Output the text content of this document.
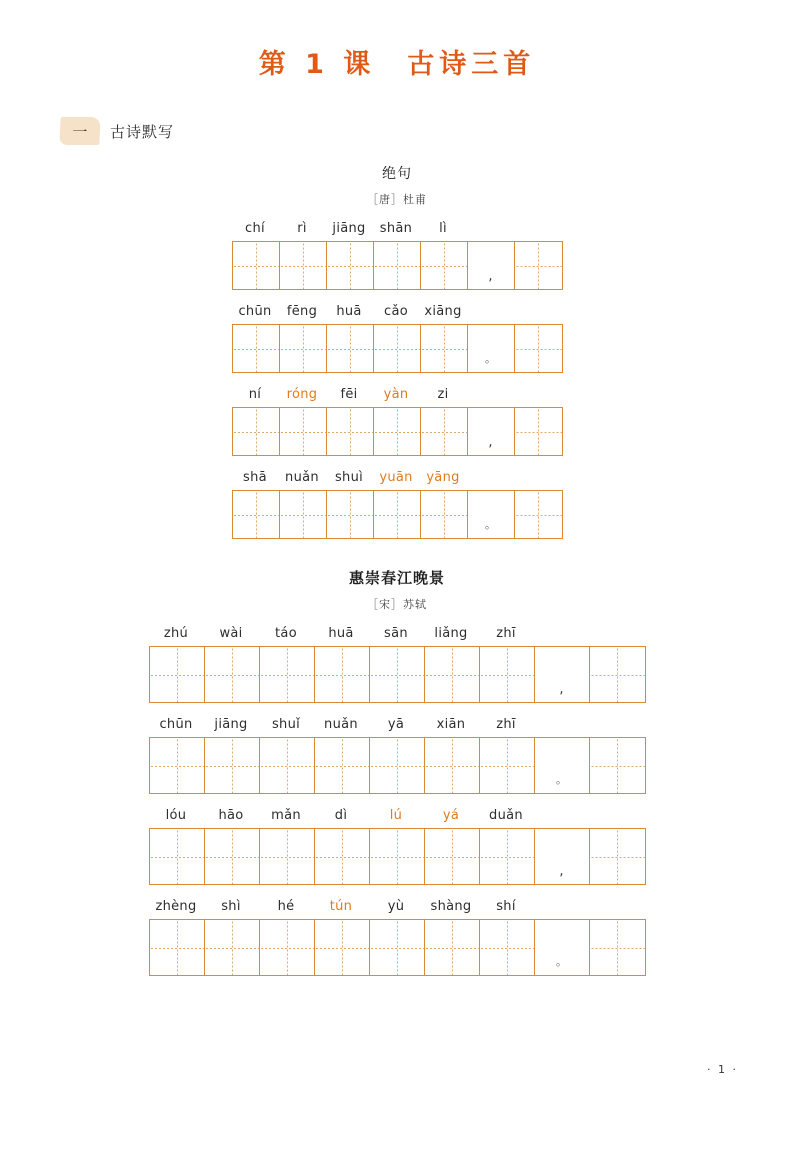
第 1 课　古诗三首
一	古诗默写
绝句
［唐］杜甫
chí	rì	jiāng	shān	lì

,
chūn	fēng	huā	cǎo	xiāng

。
ní	róng	fēi	yàn	zi

,
shā	nuǎn	shuì	yuān	yāng

。
惠崇春江晚景
［宋］苏轼
zhú	wài	táo	huā	sān	liǎng	zhī

,
chūn	jiāng	shuǐ	nuǎn	yā	xiān	zhī

。
lóu	hāo	mǎn	dì	lú	yá	duǎn

,
zhèng	shì	hé	tún	yù	shàng	shí

。
· 1 ·
